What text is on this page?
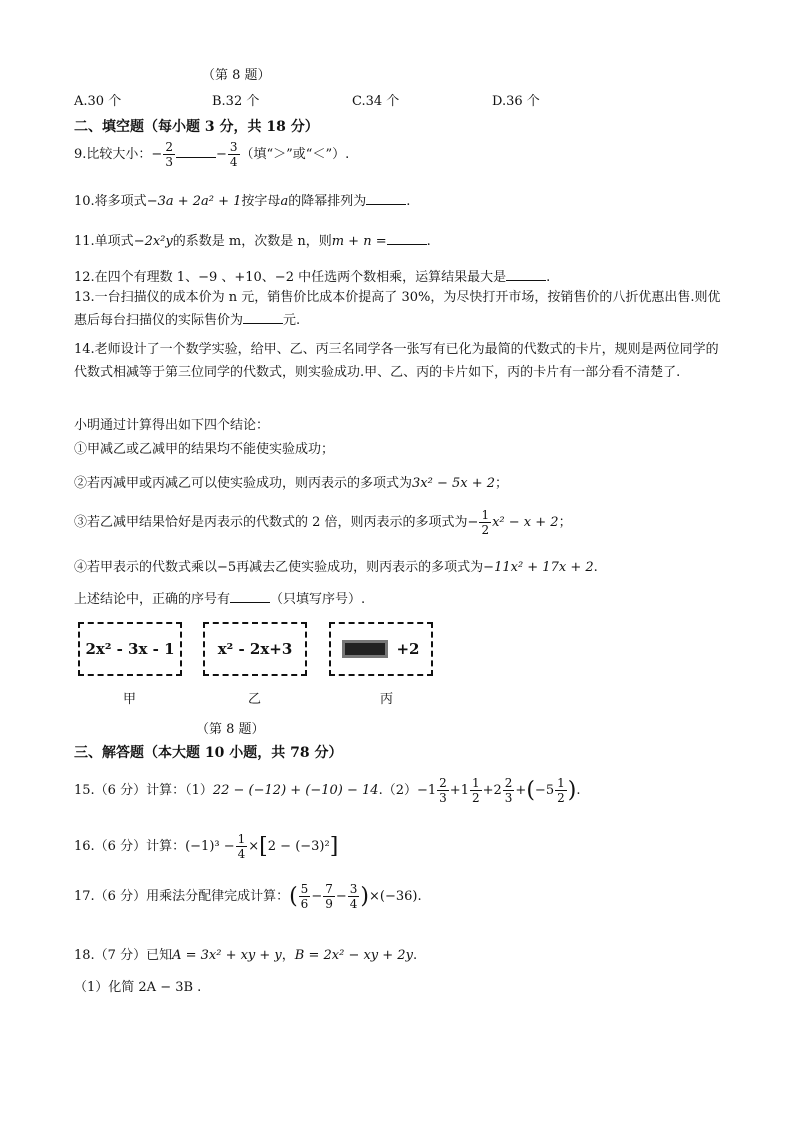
（第 8 题）
A.30 个	B.32 个	C.34 个	D.36 个
二、填空题（每小题 3 分，共 18 分）
9.比较大小：− $\frac{2}{3}$	− $\frac{3}{4}$ （填“＞”或“＜”）.
10.将多项式−3a + 2a² + 1按字母a的降幂排列为	.
11.单项式−2x²y的系数是 m，次数是 n，则m + n =	.
12.在四个有理数 1、−9 、+10、−2 中任选两个数相乘，运算结果最大是	.
13.一台扫描仪的成本价为 n 元，销售价比成本价提高了 30%，为尽快打开市场，按销售价的八折优惠出售.则优惠后每台扫描仪的实际售价为	元.
14.老师设计了一个数学实验，给甲、乙、丙三名同学各一张写有已化为最简的代数式的卡片，规则是两位同学的代数式相减等于第三位同学的代数式，则实验成功.甲、乙、丙的卡片如下，丙的卡片有一部分看不清楚了.
小明通过计算得出如下四个结论：
①甲减乙或乙减甲的结果均不能使实验成功；
②若丙减甲或丙减乙可以使实验成功，则丙表示的多项式为3x² − 5x + 2；
③若乙减甲结果恰好是丙表示的代数式的 2 倍，则丙表示的多项式为− $\frac{1}{2} x^2 - x + 2$；
④若甲表示的代数式乘以−5再减去乙使实验成功，则丙表示的多项式为−11x² + 17x + 2.
上述结论中，正确的序号有	（只填写序号）.
2x² - 3x - 1	x² - 2x+3	+2
甲	乙	丙
（第 8 题）
三、解答题（本大题 10 小题，共 78 分）
15.（6 分）计算：$(1)22 - (-12) + (-10) - 14.(2)-1 \frac{2}{3} +1 \frac{1}{2} +2 \frac{2}{3} +(-5 \frac{1}{2}$ ).
16.（6 分）计算：$(-1)^3 - \frac{1}{4} \times[2 - (-3)^2]$
17.（6 分）用乘法分配律完成计算：( $\frac{5}{6} - \frac{7}{9} - \frac{3}{4} )\times(-36)$.
18.（7 分）已知A = 3x² + xy + y，B = 2x² − xy + 2y.
（1）化简 2A − 3B .
